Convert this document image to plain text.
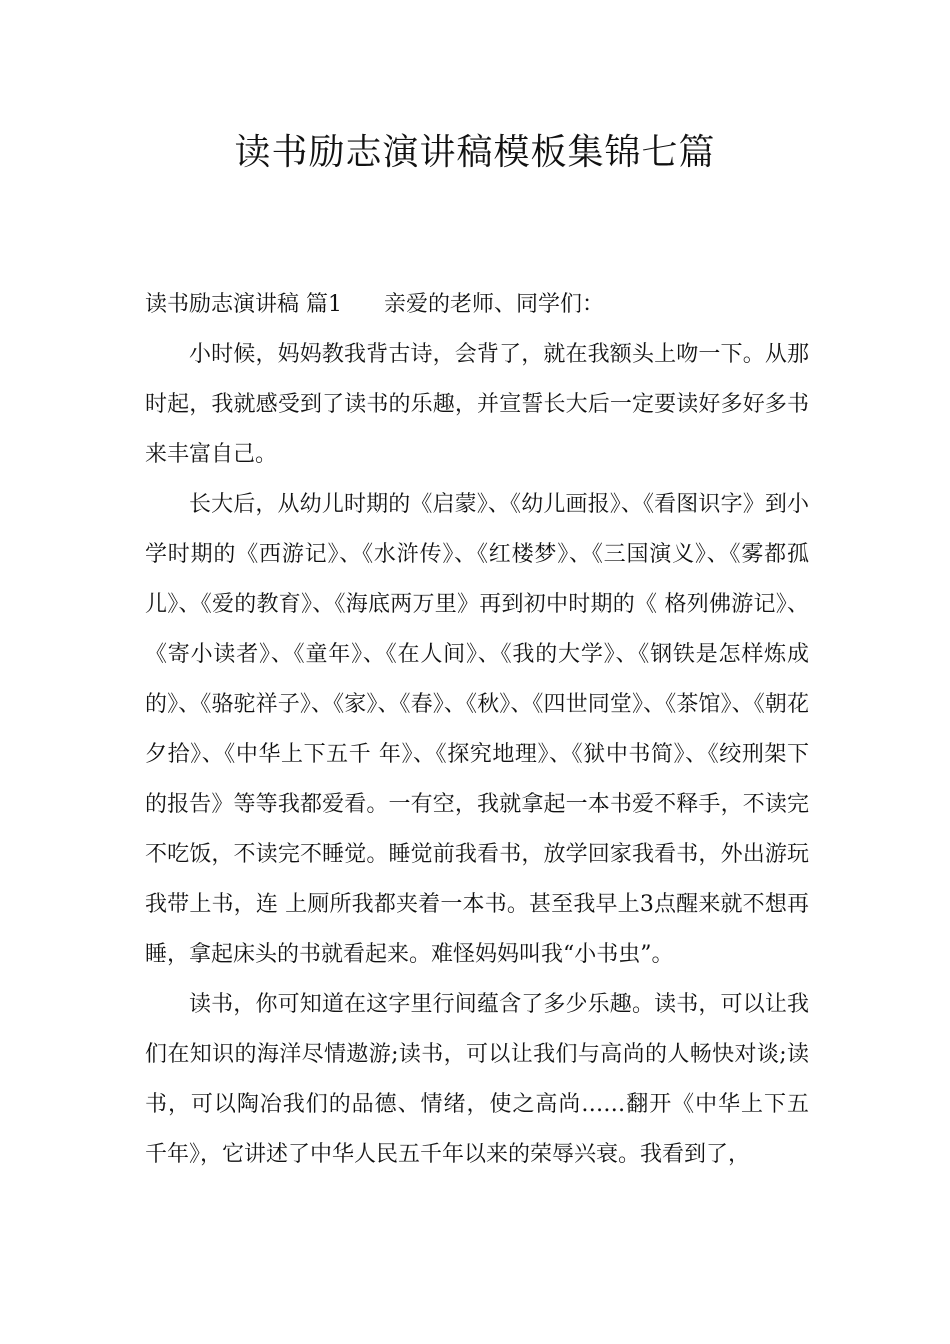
读书励志演讲稿模板集锦七篇

读书励志演讲稿 篇1 亲爱的老师、同学们：

小时候，妈妈教我背古诗，会背了，就在我额头上吻一下。从那时起，我就感受到了读书的乐趣，并宣誓长大后一定要读好多好多书来丰富自己。

长大后，从幼儿时期的《启蒙》、《幼儿画报》、《看图识字》到小学时期的《西游记》、《水浒传》、《红楼梦》、《三国演义》、《雾都孤儿》、《爱的教育》、《海底两万里》再到初中时期的《 格列佛游记》、《寄小读者》、《童年》、《在人间》、《我的大学》、《钢铁是怎样炼成的》、《骆驼祥子》、《家》、《春》、《秋》、《四世同堂》、《茶馆》、《朝花夕拾》、《中华上下五千 年》、《探究地理》、《狱中书简》、《绞刑架下的报告》等等我都爱看。一有空，我就拿起一本书爱不释手，不读完不吃饭，不读完不睡觉。睡觉前我看书，放学回家我看书，外出游玩我带上书，连 上厕所我都夹着一本书。甚至我早上3点醒来就不想再睡，拿起床头的书就看起来。难怪妈妈叫我“小书虫”。

读书，你可知道在这字里行间蕴含了多少乐趣。读书，可以让我们在知识的海洋尽情遨游;读书，可以让我们与高尚的人畅快对谈;读书，可以陶冶我们的品德、情绪，使之高尚……翻开《中华上下五 千年》，它讲述了中华人民五千年以来的荣辱兴衰。我看到了，
